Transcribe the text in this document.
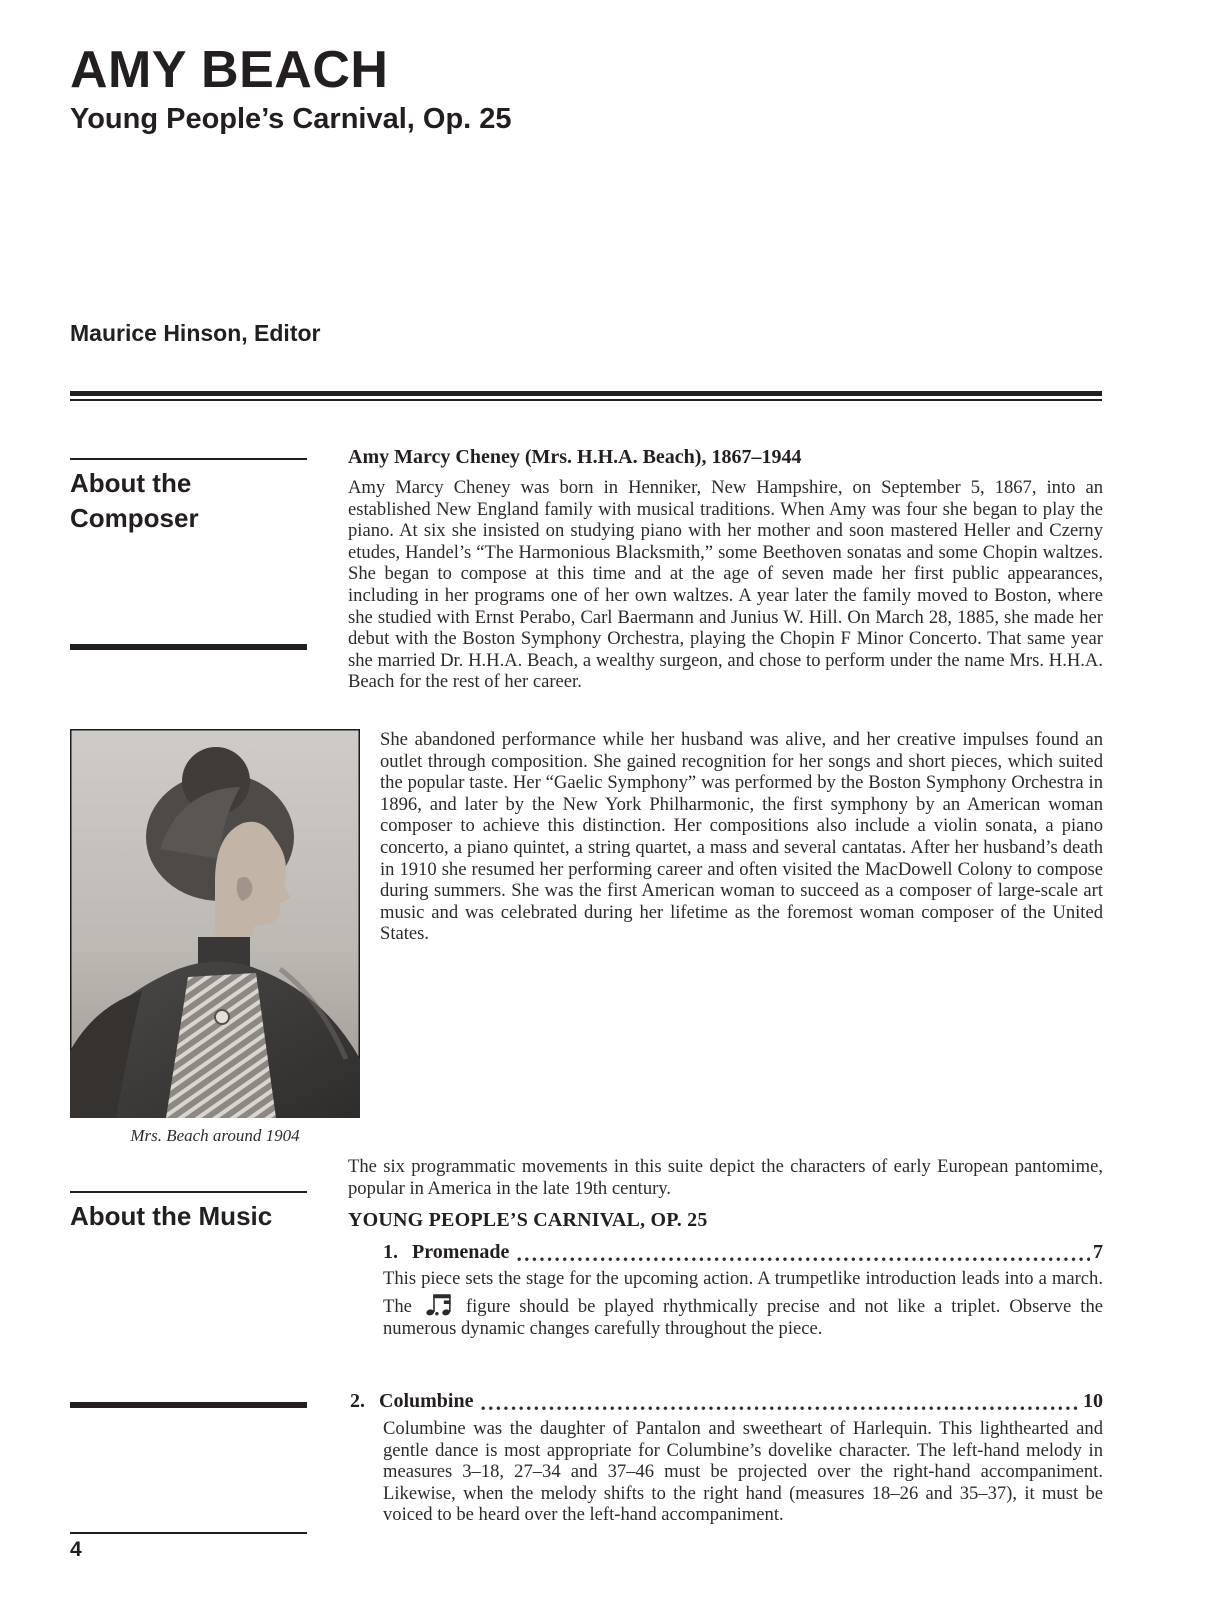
AMY BEACH
Young People’s Carnival, Op. 25
Maurice Hinson, Editor
About the Composer
Amy Marcy Cheney (Mrs. H.H.A. Beach), 1867–1944
Amy Marcy Cheney was born in Henniker, New Hampshire, on September 5, 1867, into an established New England family with musical traditions. When Amy was four she began to play the piano. At six she insisted on studying piano with her mother and soon mastered Heller and Czerny etudes, Handel’s “The Harmonious Blacksmith,” some Beethoven sonatas and some Chopin waltzes. She began to compose at this time and at the age of seven made her first public appearances, including in her programs one of her own waltzes. A year later the family moved to Boston, where she studied with Ernst Perabo, Carl Baermann and Junius W. Hill. On March 28, 1885, she made her debut with the Boston Symphony Orchestra, playing the Chopin F Minor Concerto. That same year she married Dr. H.H.A. Beach, a wealthy surgeon, and chose to perform under the name Mrs. H.H.A. Beach for the rest of her career.
She abandoned performance while her husband was alive, and her creative impulses found an outlet through composition. She gained recognition for her songs and short pieces, which suited the popular taste. Her “Gaelic Symphony” was performed by the Boston Symphony Orchestra in 1896, and later by the New York Philharmonic, the first symphony by an American woman composer to achieve this distinction. Her compositions also include a violin sonata, a piano concerto, a piano quintet, a string quartet, a mass and several cantatas. After her husband’s death in 1910 she resumed her performing career and often visited the MacDowell Colony to compose during summers. She was the first American woman to succeed as a composer of large-scale art music and was celebrated during her lifetime as the foremost woman composer of the United States.
Mrs. Beach around 1904
About the Music
The six programmatic movements in this suite depict the characters of early European pantomime, popular in America in the late 19th century.
YOUNG PEOPLE’S CARNIVAL, OP. 25
1. Promenade	7
This piece sets the stage for the upcoming action. A trumpetlike introduction leads into a march. The	figure should be played rhythmically precise and not like a triplet. Observe the numerous dynamic changes carefully throughout the piece.
2. Columbine	10
Columbine was the daughter of Pantalon and sweetheart of Harlequin. This lighthearted and gentle dance is most appropriate for Columbine’s dovelike character. The left-hand melody in measures 3–18, 27–34 and 37–46 must be projected over the right-hand accompaniment. Likewise, when the melody shifts to the right hand (measures 18–26 and 35–37), it must be voiced to be heard over the left-hand accompaniment.
4
